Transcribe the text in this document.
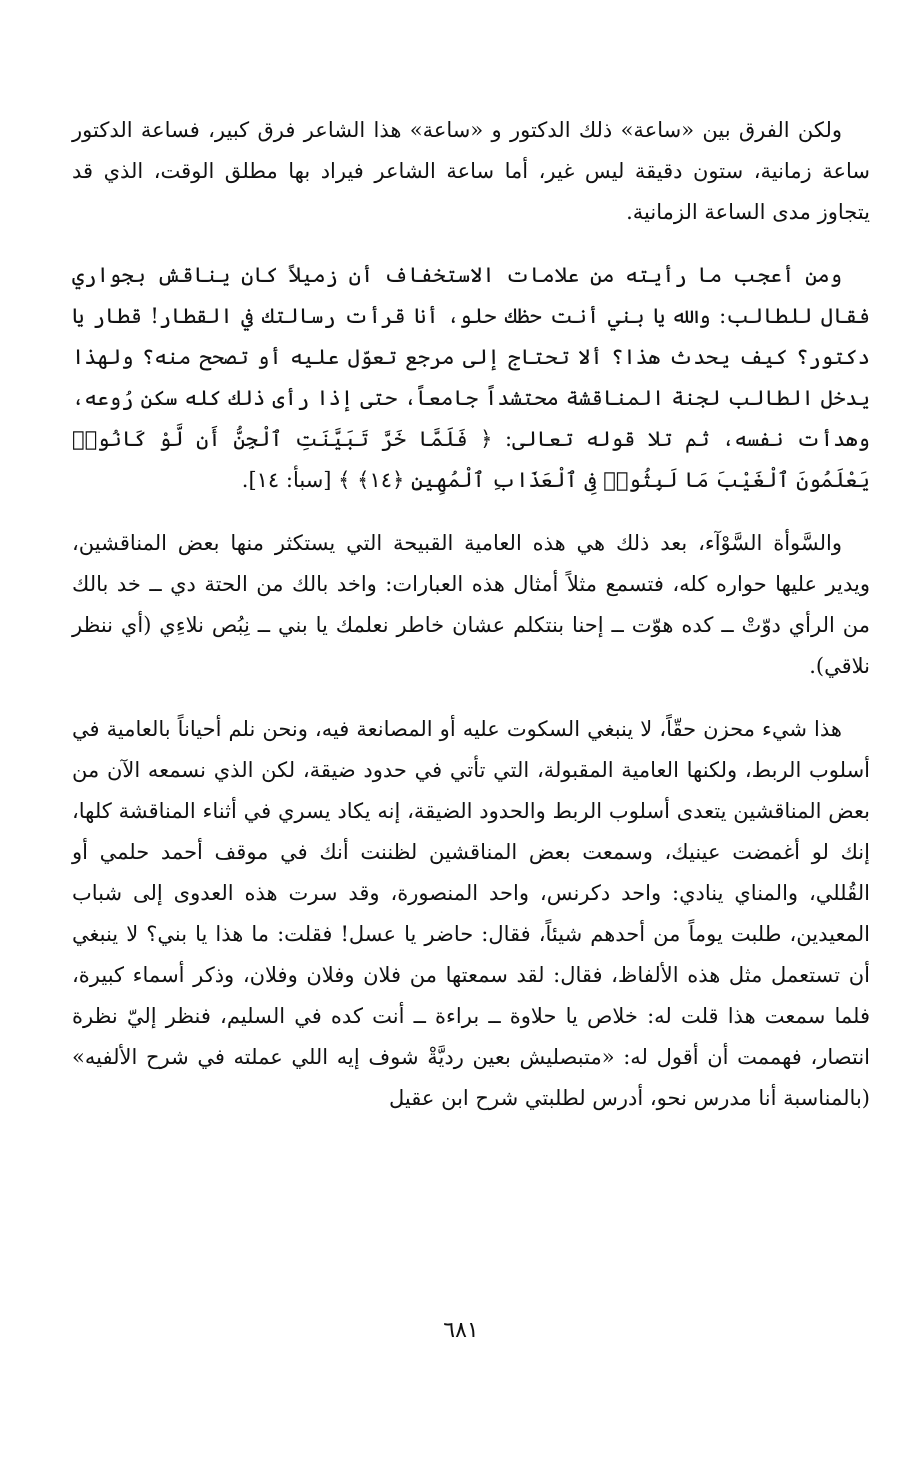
ولكن الفرق بين «ساعة» ذلك الدكتور و «ساعة» هذا الشاعر فرق كبير، فساعة الدكتور ساعة زمانية، ستون دقيقة ليس غير، أما ساعة الشاعر فيراد بها مطلق الوقت، الذي قد يتجاوز مدى الساعة الزمانية.

ومن أعجب ما رأيته من علامات الاستخفاف أن زميلاً كان يناقش بجواري فقال للطالب: والله يا بني أنت حظك حلو، أنا قرأت رسالتك في القطار! قطار يا دكتور؟ كيف يحدث هذا؟ ألا تحتاج إلى مرجع تعوّل عليه أو تصحح منه؟ ولهذا يدخل الطالب لجنة المناقشة محتشداً جامعاً، حتى إذا رأى ذلك كله سكن رُوعه، وهدأت نفسه، ثم تلا قوله تعالى: ﴿ فَلَمَّا خَرَّ تَبَيَّنَتِ ٱلْجِنُّ أَن لَّوْ كَانُوا۟ يَعْلَمُونَ ٱلْغَيْبَ مَا لَبِثُوا۟ فِى ٱلْعَذَابِ ٱلْمُهِينِ ﴿١٤﴾ ﴾ [سبأ: ١٤].

والسَّوأة السَّوْآء، بعد ذلك هي هذه العامية القبيحة التي يستكثر منها بعض المناقشين، ويدير عليها حواره كله، فتسمع مثلاً أمثال هذه العبارات: واخد بالك من الحتة دي ــ خد بالك من الرأي دوّتْ ــ كده هوّت ــ إحنا بنتكلم عشان خاطر نعلمك يا بني ــ نِبُص نلاءِي (أي ننظر نلاقي).

هذا شيء محزن حقّاً، لا ينبغي السكوت عليه أو المصانعة فيه، ونحن نلم أحياناً بالعامية في أسلوب الربط، ولكنها العامية المقبولة، التي تأتي في حدود ضيقة، لكن الذي نسمعه الآن من بعض المناقشين يتعدى أسلوب الربط والحدود الضيقة، إنه يكاد يسري في أثناء المناقشة كلها، إنك لو أغمضت عينيك، وسمعت بعض المناقشين لظننت أنك في موقف أحمد حلمي أو القُللي، والمناي ينادي: واحد دكرنس، واحد المنصورة، وقد سرت هذه العدوى إلى شباب المعيدين، طلبت يوماً من أحدهم شيئاً، فقال: حاضر يا عسل! فقلت: ما هذا يا بني؟ لا ينبغي أن تستعمل مثل هذه الألفاظ، فقال: لقد سمعتها من فلان وفلان وفلان، وذكر أسماء كبيرة، فلما سمعت هذا قلت له: خلاص يا حلاوة ــ براءة ــ أنت كده في السليم، فنظر إليّ نظرة انتصار، فهممت أن أقول له: «متبصليش بعين رديَّةْ شوف إيه اللي عملته في شرح الألفيه» (بالمناسبة أنا مدرس نحو، أدرس لطلبتي شرح ابن عقيل

٦٨١
